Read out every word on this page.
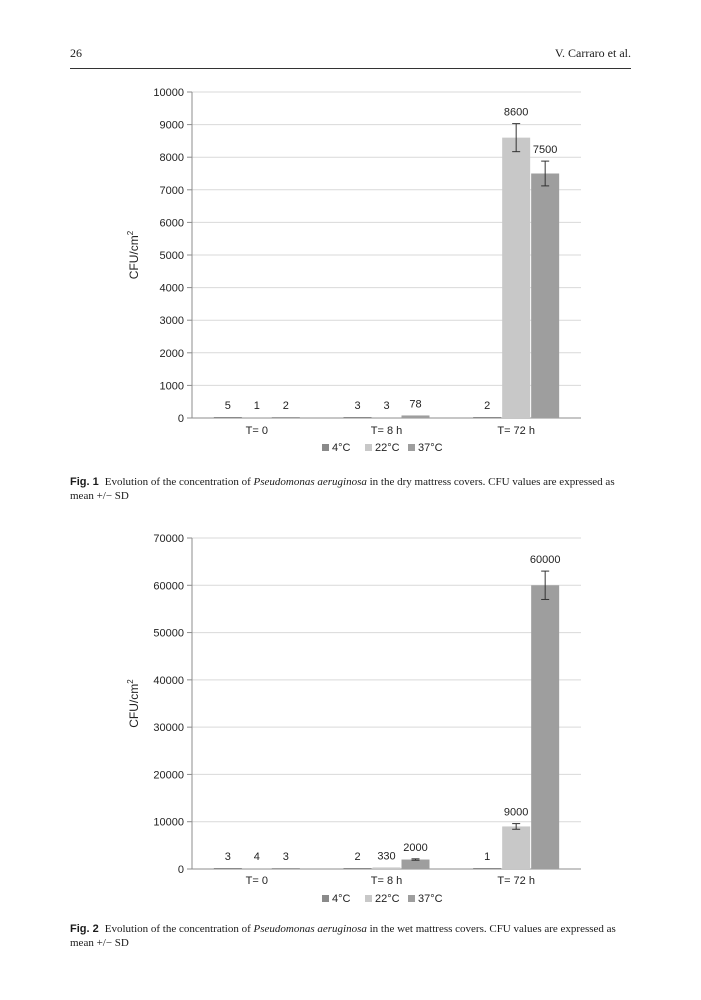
26	V. Carraro et al.
0
1000
2000
3000
4000
5000
6000
7000
8000
9000
10000
CFU/$cm^2$
5 1 2
T= 0
3 3 78
T= 8 h
2
8600
7500
T= 72 h
4°C 22°C 37°C
Fig. 1 Evolution of the concentration of Pseudomonas aeruginosa in the dry mattress covers. CFU values are expressed as mean +/− SD
0
10000
20000
30000
40000
50000
60000
70000
CFU/$cm^2$
3 4 3
T= 0
2 330
2000
T= 8 h
1
9000
60000
T= 72 h
4°C 22°C 37°C
Fig. 2 Evolution of the concentration of Pseudomonas aeruginosa in the wet mattress covers. CFU values are expressed as mean +/− SD
